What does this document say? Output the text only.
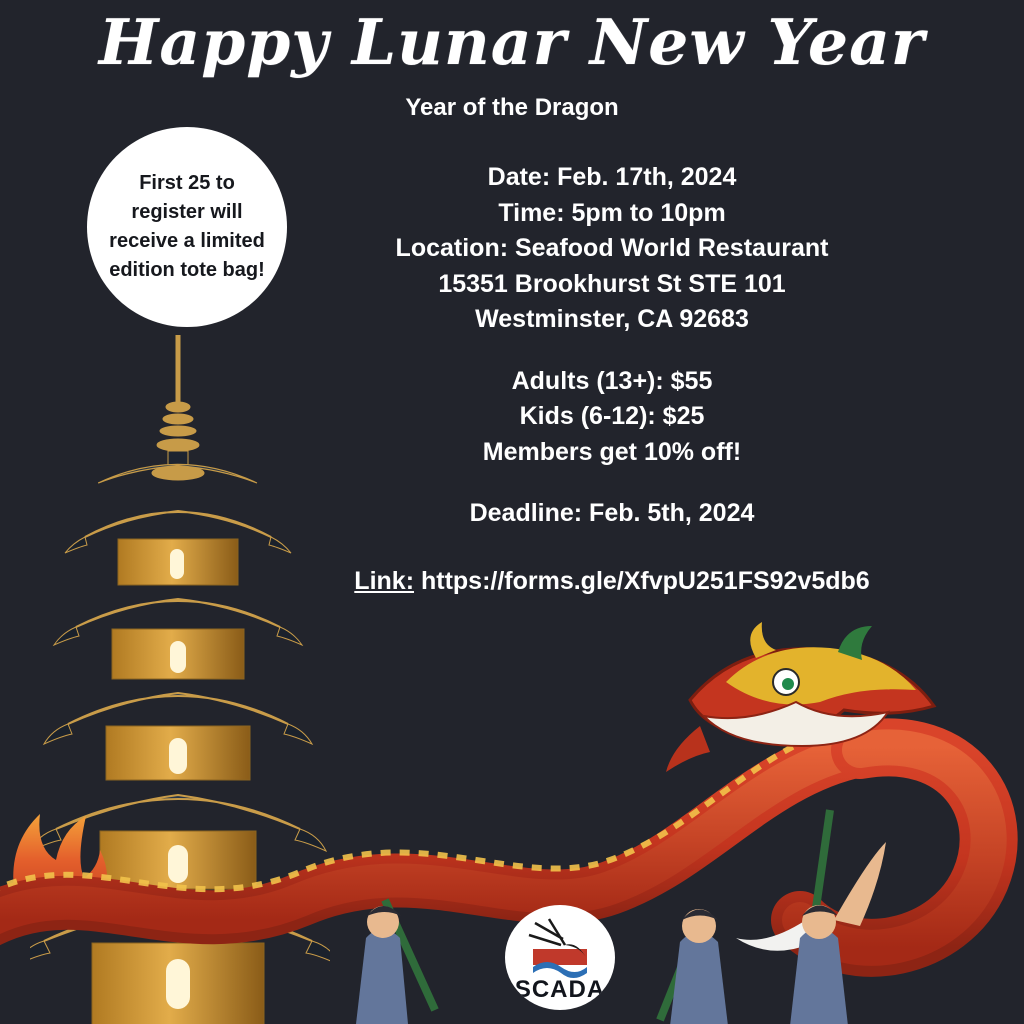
Happy Lunar New Year
Year of the Dragon
First 25 to register will receive a limited edition tote bag!
SCADA
Date: Feb. 17th, 2024
Time: 5pm to 10pm
Location: Seafood World Restaurant
15351 Brookhurst St STE 101
Westminster, CA 92683
Adults (13+): $55
Kids (6-12): $25
Members get 10% off!
Deadline: Feb. 5th, 2024
Link: https://forms.gle/XfvpU251FS92v5db6
